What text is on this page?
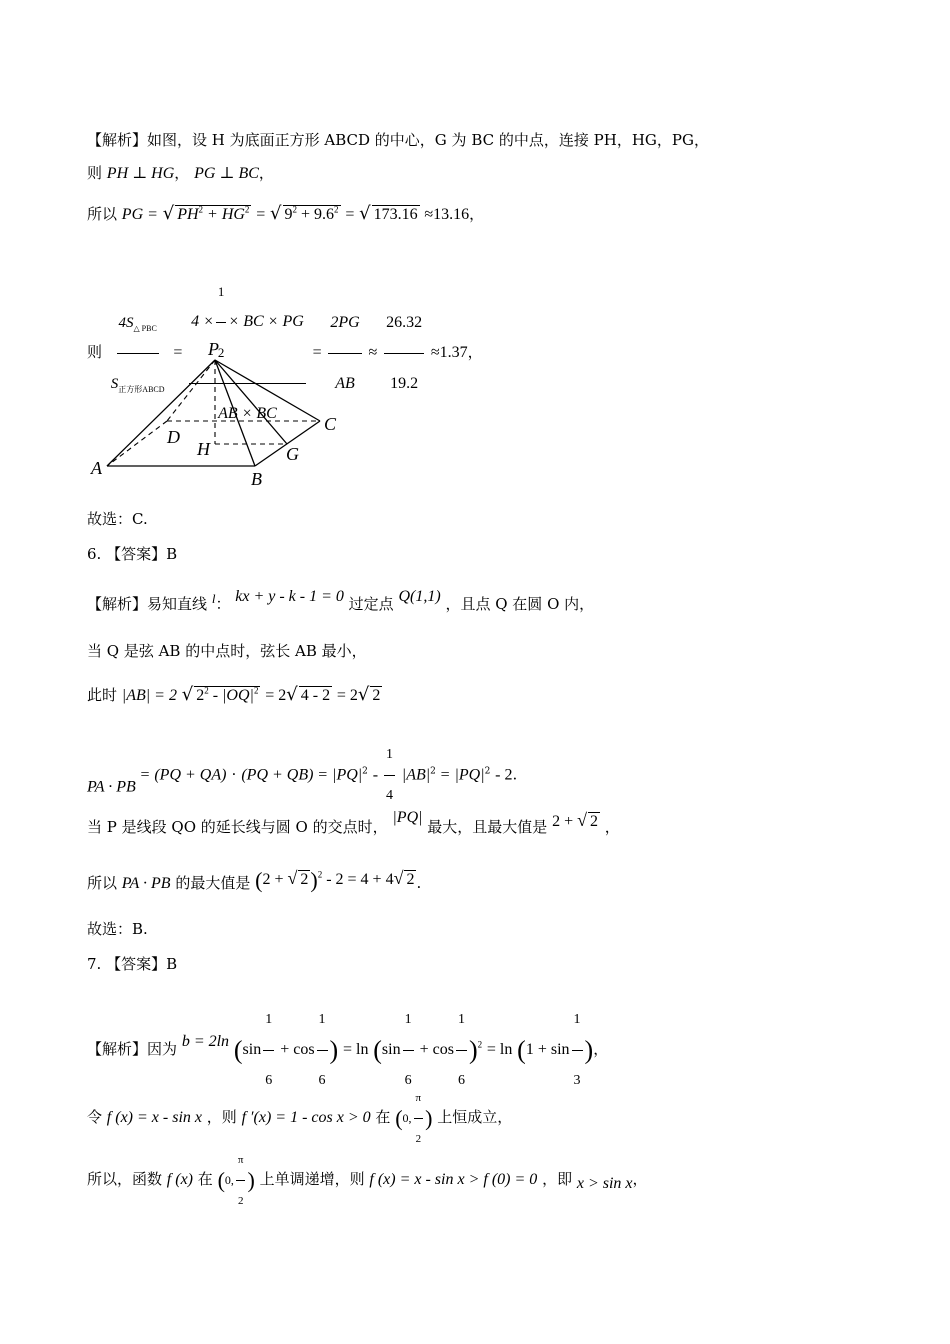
【解析】如图，设 H 为底面正方形 ABCD 的中心，G 为 BC 的中点，连接 PH，HG，PG，
则 PH ⊥ HG， PG ⊥ BC，
所以 PG = √ $PH^2 + HG^2$ = √ $9^2 + 9.6^2$ = √ 173.16 ≈13.16，
则 $\frac{4S_{\triangle PBC}}{S_{正方形ABCD}} = \frac{4 \times \frac{1}{2} \times BC \times PG}{AB \times BC} = \frac{2PG}{AB} \approx \frac{26.32}{19.2} \approx 1.37$，
P
A
B
C
D
H	G
故选：C.
6. 【答案】B
【解析】易知直线 l： kx + y - k - 1 = 0 过定点 Q(1,1) ，且点 Q 在圆 O 内，
当 Q 是弦 AB 的中点时，弦长 AB 最小，
此时 |AB| = 2 √ $2^2 - |OQ|^2 = 2√$ 4 - 2 = 2√ 2
PA · PB = $(PQ + QA) \cdot (PQ + QB) = |PQ|^2 - \frac{1}{4} |AB|^2 = |PQ|^2 - 2$.
当 P 是线段 QO 的延长线与圆 O 的交点时， |PQ| 最大，且最大值是 2 + √ 2 ，
所以 PA · PB 的最大值是 (2 + √ 2)$^2$ - 2 = 4 + 4√ 2 .
故选：B.
7. 【答案】B
【解析】因为 b = 2ln ($\sin \frac{1}{6} + \cos \frac{1}{6}$ ) = $\ln (\sin \frac{1}{6} + \cos \frac{1}{6} )^2 = \ln (1 + \sin \frac{1}{3}$ )，
令 f (x) = x - sin x ，则 f ′(x) = 1 - cos x > 0 在 (0, $\frac{\pi}{2}$ ) 上恒成立，
所以，函数 f (x) 在 (0, $\frac{\pi}{2}$ ) 上单调递增，则 f (x) = x - sin x > f (0) = 0 ，即 x > sin x，
